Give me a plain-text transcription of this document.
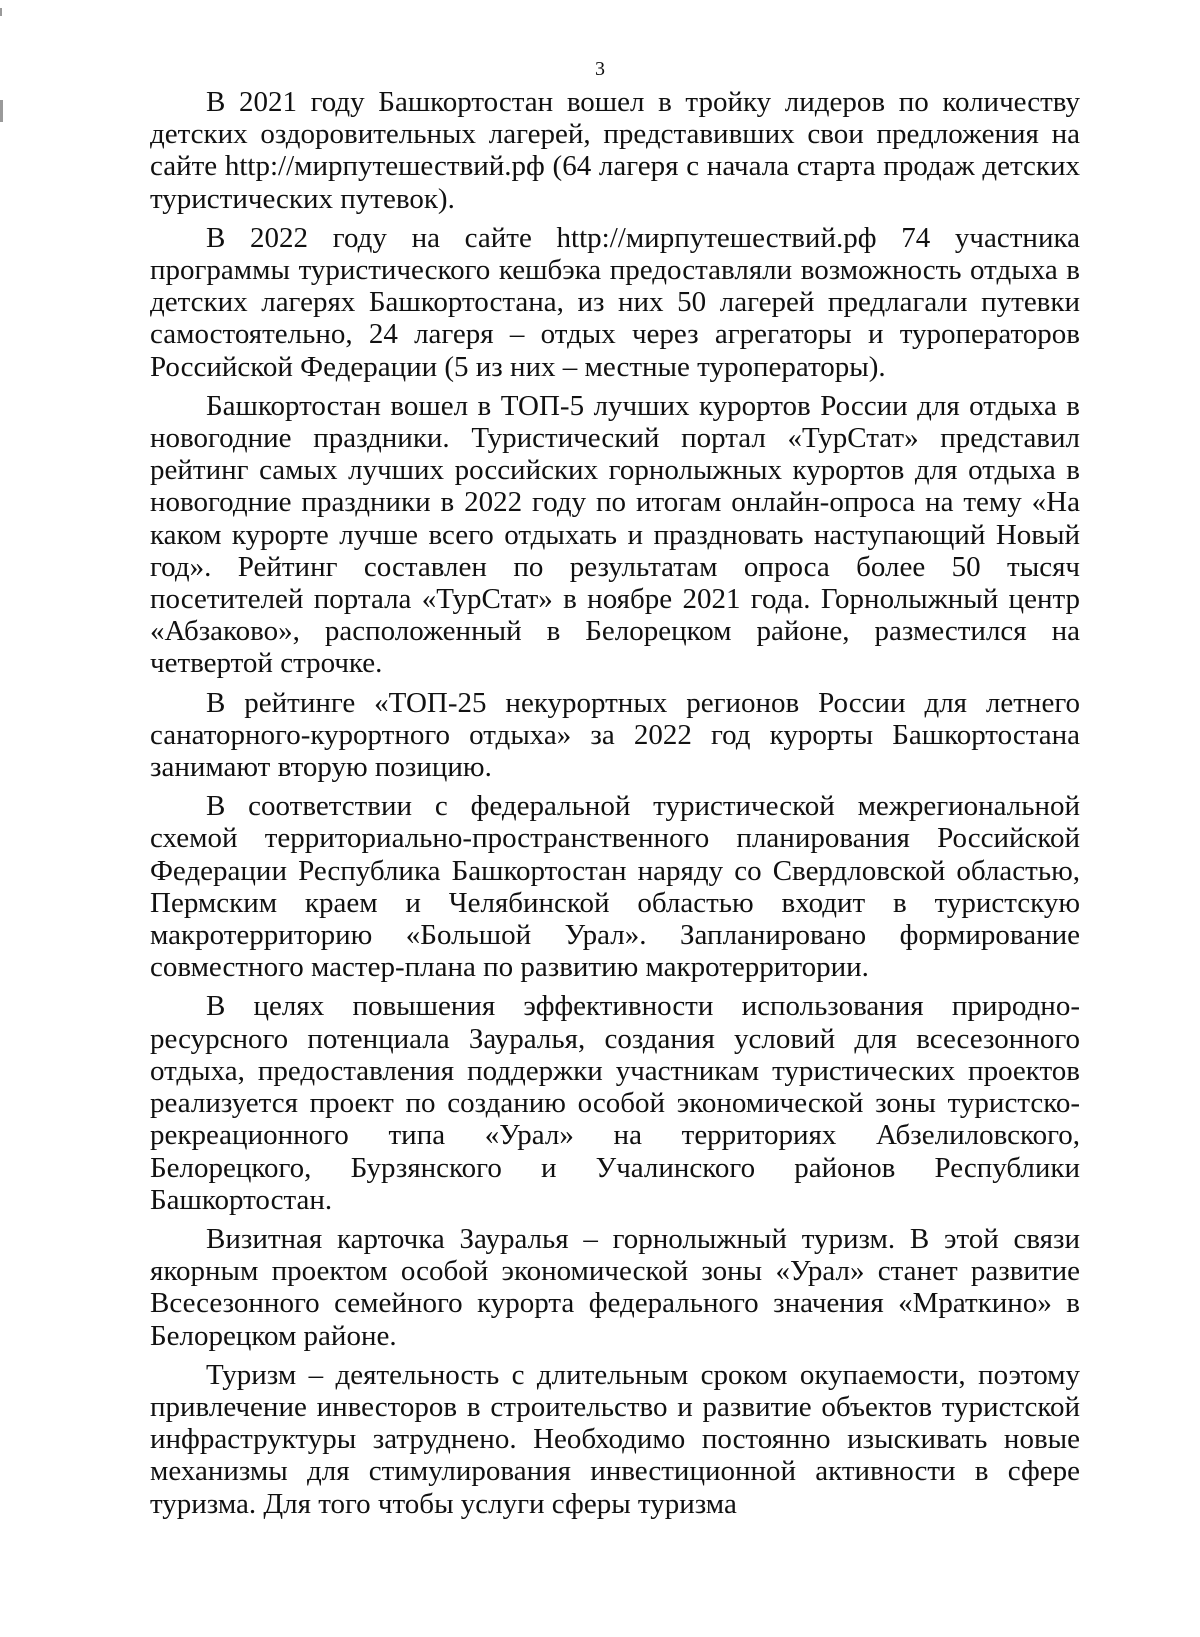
3

В 2021 году Башкортостан вошел в тройку лидеров по количеству детских оздоровительных лагерей, представивших свои предложения на сайте http://мирпутешествий.рф (64 лагеря с начала старта продаж детских туристических путевок).

В 2022 году на сайте http://мирпутешествий.рф 74 участника программы туристического кешбэка предоставляли возможность отдыха в детских лагерях Башкортостана, из них 50 лагерей предлагали путевки самостоятельно, 24 лагеря – отдых через агрегаторы и туроператоров Российской Федерации (5 из них – местные туроператоры).

Башкортостан вошел в ТОП-5 лучших курортов России для отдыха в новогодние праздники. Туристический портал «ТурСтат» представил рейтинг самых лучших российских горнолыжных курортов для отдыха в новогодние праздники в 2022 году по итогам онлайн-опроса на тему «На каком курорте лучше всего отдыхать и праздновать наступающий Новый год». Рейтинг составлен по результатам опроса более 50 тысяч посетителей портала «ТурСтат» в ноябре 2021 года. Горнолыжный центр «Абзаково», расположенный в Белорецком районе, разместился на четвертой строчке.

В рейтинге «ТОП-25 некурортных регионов России для летнего санаторного-курортного отдыха» за 2022 год курорты Башкортостана занимают вторую позицию.

В соответствии с федеральной туристической межрегиональной схемой территориально-пространственного планирования Российской Федерации Республика Башкортостан наряду со Свердловской областью, Пермским краем и Челябинской областью входит в туристскую макротерриторию «Большой Урал». Запланировано формирование совместного мастер-плана по развитию макротерритории.

В целях повышения эффективности использования природно-ресурсного потенциала Зауралья, создания условий для всесезонного отдыха, предоставления поддержки участникам туристических проектов реализуется проект по созданию особой экономической зоны туристско-рекреационного типа «Урал» на территориях Абзелиловского, Белорецкого, Бурзянского и Учалинского районов Республики Башкортостан.

Визитная карточка Зауралья – горнолыжный туризм. В этой связи якорным проектом особой экономической зоны «Урал» станет развитие Всесезонного семейного курорта федерального значения «Мраткино» в Белорецком районе.

Туризм – деятельность с длительным сроком окупаемости, поэтому привлечение инвесторов в строительство и развитие объектов туристской инфраструктуры затруднено. Необходимо постоянно изыскивать новые механизмы для стимулирования инвестиционной активности в сфере туризма. Для того чтобы услуги сферы туризма
